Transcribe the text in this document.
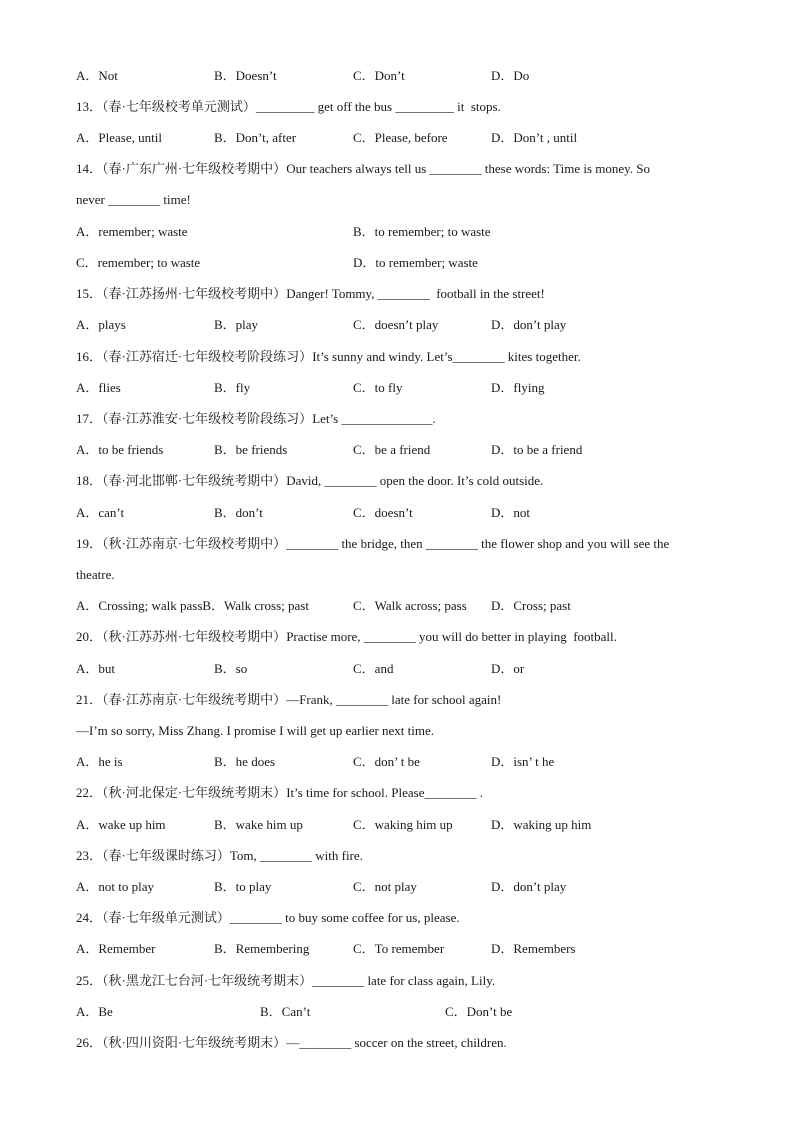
A．Not	B．Doesn’t	C．Don’t	D．Do
13．（春·七年级校考单元测试）_________ get off the bus _________ it  stops.
A．Please, until	B．Don’t, after	C．Please, before	D．Don’t , until
14．（春·广东广州·七年级校考期中）Our teachers always tell us ________ these words: Time is money. So
never ________ time!
A．remember; waste	B．to remember; to waste
C．remember; to waste	D．to remember; waste
15．（春·江苏扬州·七年级校考期中）Danger! Tommy, ________  football in the street!
A．plays	B．play	C．doesn’t play	D．don’t play
16．（春·江苏宿迁·七年级校考阶段练习）It’s sunny and windy. Let’s________ kites together.
A．flies	B．fly	C．to fly	D．flying
17．（春·江苏淮安·七年级校考阶段练习）Let’s ______________.
A．to be friends	B．be friends	C．be a friend	D．to be a friend
18．（春·河北邯郸·七年级统考期中）David, ________ open the door. It’s cold outside.
A．can’t	B．don’t	C．doesn’t	D．not
19．（秋·江苏南京·七年级校考期中）________ the bridge, then ________ the flower shop and you will see the
theatre.
A．Crossing; walk passB．Walk cross; past	C．Walk across; pass D．Cross; past
20．（秋·江苏苏州·七年级校考期中）Practise more, ________ you will do better in playing  football.
A．but	B．so	C．and	D．or
21．（春·江苏南京·七年级统考期中）—Frank, ________ late for school again!
—I’m so sorry, Miss Zhang. I promise I will get up earlier next time.
A．he is	B．he does	C．don’ t be	D．isn’ t he
22．（秋·河北保定·七年级统考期末）It’s time for school. Please________ .
A．wake up him	B．wake him up	C．waking him up	D．waking up him
23．（春·七年级课时练习）Tom, ________ with fire.
A．not to play	B．to play	C．not play	D．don’t play
24．（春·七年级单元测试）________ to buy some coffee for us, please.
A．Remember	B．Remembering	C．To remember	D．Remembers
25．（秋·黑龙江七台河·七年级统考期末）________ late for class again, Lily.
A．Be	B．Can’t	C．Don’t be
26．（秋·四川资阳·七年级统考期末）—________ soccer on the street, children.
